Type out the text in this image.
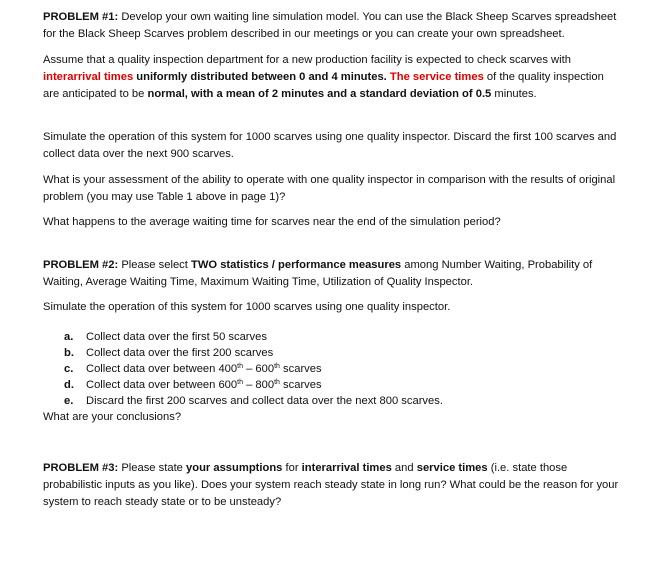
PROBLEM #1: Develop your own waiting line simulation model. You can use the Black Sheep Scarves spreadsheet for the Black Sheep Scarves problem described in our meetings or you can create your own spreadsheet.

Assume that a quality inspection department for a new production facility is expected to check scarves with interarrival times uniformly distributed between 0 and 4 minutes. The service times of the quality inspection are anticipated to be normal, with a mean of 2 minutes and a standard deviation of 0.5 minutes.

Simulate the operation of this system for 1000 scarves using one quality inspector. Discard the first 100 scarves and collect data over the next 900 scarves.

What is your assessment of the ability to operate with one quality inspector in comparison with the results of original problem (you may use Table 1 above in page 1)?

What happens to the average waiting time for scarves near the end of the simulation period?

PROBLEM #2: Please select TWO statistics / performance measures among Number Waiting, Probability of Waiting, Average Waiting Time, Maximum Waiting Time, Utilization of Quality Inspector.

Simulate the operation of this system for 1000 scarves using one quality inspector.

a. Collect data over the first 50 scarves
b. Collect data over the first 200 scarves
c. Collect data over between 400th – 600th scarves
d. Collect data over between 600th – 800th scarves
e. Discard the first 200 scarves and collect data over the next 800 scarves.

What are your conclusions?

PROBLEM #3: Please state your assumptions for interarrival times and service times (i.e. state those probabilistic inputs as you like). Does your system reach steady state in long run? What could be the reason for your system to reach steady state or to be unsteady?
